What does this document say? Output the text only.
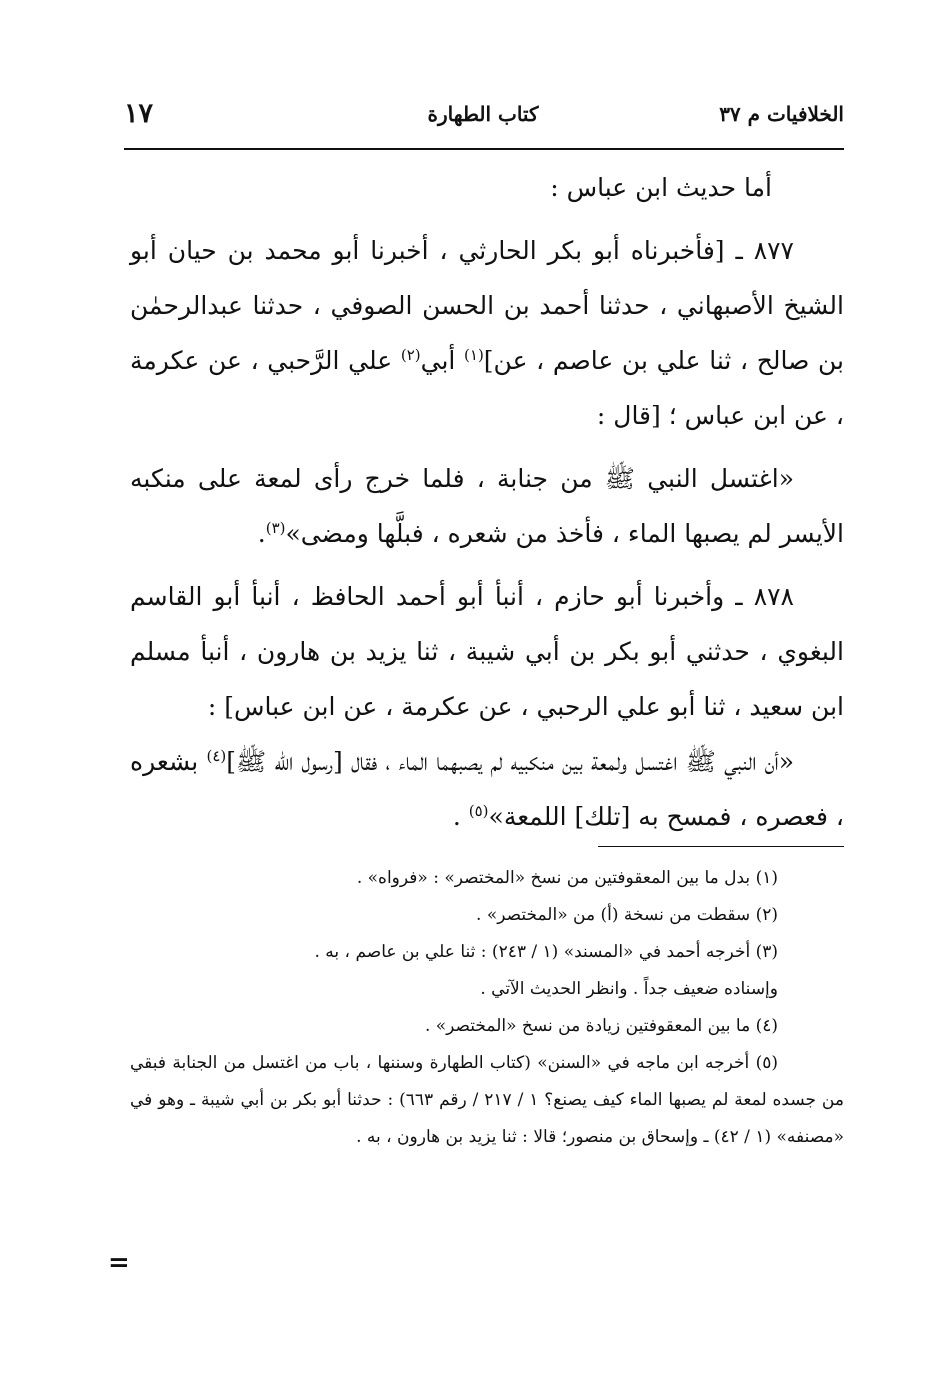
الخلافيات م ٣٧
كتاب الطهارة
١٧

أما حديث ابن عباس :

٨٧٧ ـ [فأخبرناه أبو بكر الحارثي ، أخبرنا أبو محمد بن حيان أبو الشيخ الأصبهاني ، حدثنا أحمد بن الحسن الصوفي ، حدثنا عبدالرحمٰن بن صالح ، ثنا علي بن عاصم ، عن]$^{(١)}$ أبي$^{(٢)}$ علي الرَّحبي ، عن عكرمة ، عن ابن عباس ؛ [قال :

«اغتسل النبي ﷺ من جنابة ، فلما خرج رأى لمعة على منكبه الأيسر لم يصبها الماء ، فأخذ من شعره ، فبلَّها ومضى»$^{(٣)}$.

٨٧٨ ـ وأخبرنا أبو حازم ، أنبأ أبو أحمد الحافظ ، أنبأ أبو القاسم البغوي ، حدثني أبو بكر بن أبي شيبة ، ثنا يزيد بن هارون ، أنبأ مسلم ابن سعيد ، ثنا أبو علي الرحبي ، عن عكرمة ، عن ابن عباس] :

«أن النبي ﷺ اغتسل ولمعة بين منكبيه لم يصبهما الماء ، فقال [رسول الله ﷺ]$^{(٤)}$ بشعره ، فعصره ، فمسح به [تلك] اللمعة»$^{(٥)}$ .

(١) بدل ما بين المعقوفتين من نسخ «المختصر» : «فرواه» .

(٢) سقطت من نسخة (أ) من «المختصر» .

(٣) أخرجه أحمد في «المسند» (١ / ٢٤٣) : ثنا علي بن عاصم ، به .

وإسناده ضعيف جداً . وانظر الحديث الآتي .

(٤) ما بين المعقوفتين زيادة من نسخ «المختصر» .

(٥) أخرجه ابن ماجه في «السنن» (كتاب الطهارة وسننها ، باب من اغتسل من الجنابة فبقي من جسده لمعة لم يصبها الماء كيف يصنع؟ ١ / ٢١٧ / رقم ٦٦٣) : حدثنا أبو بكر بن أبي شيبة ـ وهو في «مصنفه» (١ / ٤٢) ـ وإسحاق بن منصور؛ قالا : ثنا يزيد بن هارون ، به .

=
